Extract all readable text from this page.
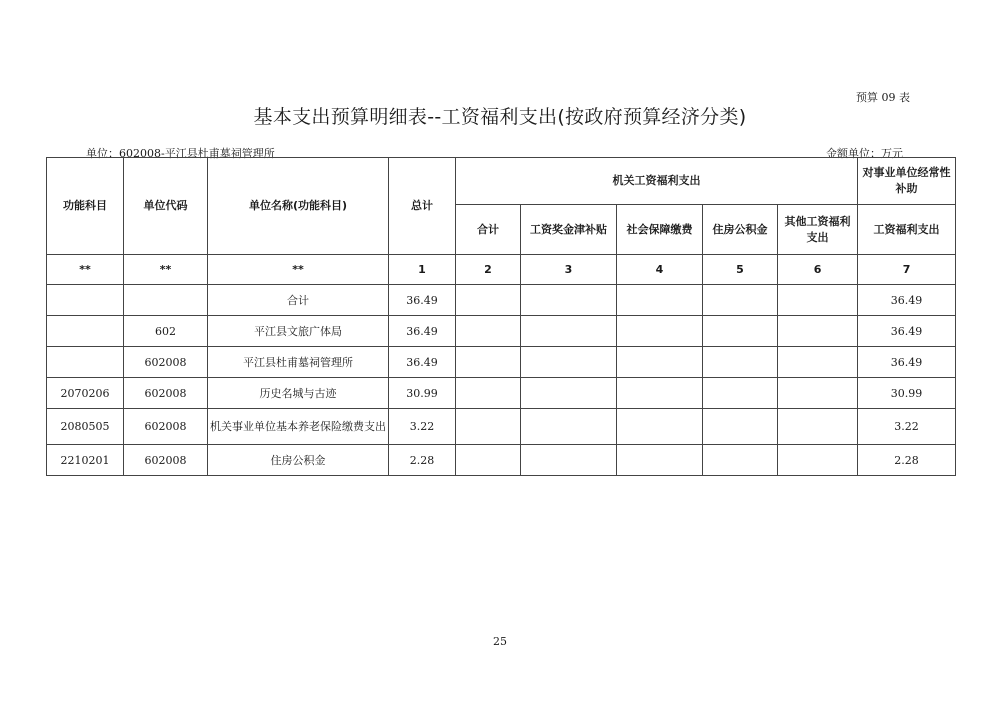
预算 09 表
基本支出预算明细表--工资福利支出(按政府预算经济分类)
单位：602008-平江县杜甫墓祠管理所	金额单位：万元
功能科目	单位代码	单位名称(功能科目)	总计	机关工资福利支出					对事业单位经常性补助
				合计	工资奖金津补贴	社会保障缴费	住房公积金	其他工资福利支出	工资福利支出
**	**	**	1	2	3	4	5	6	7
		合计	36.49						36.49
	602	平江县文旅广体局	36.49						36.49
	602008	平江县杜甫墓祠管理所	36.49						36.49
2070206	602008	历史名城与古迹	30.99						30.99
2080505	602008	机关事业单位基本养老保险缴费支出	3.22						3.22
2210201	602008	住房公积金	2.28						2.28
25
